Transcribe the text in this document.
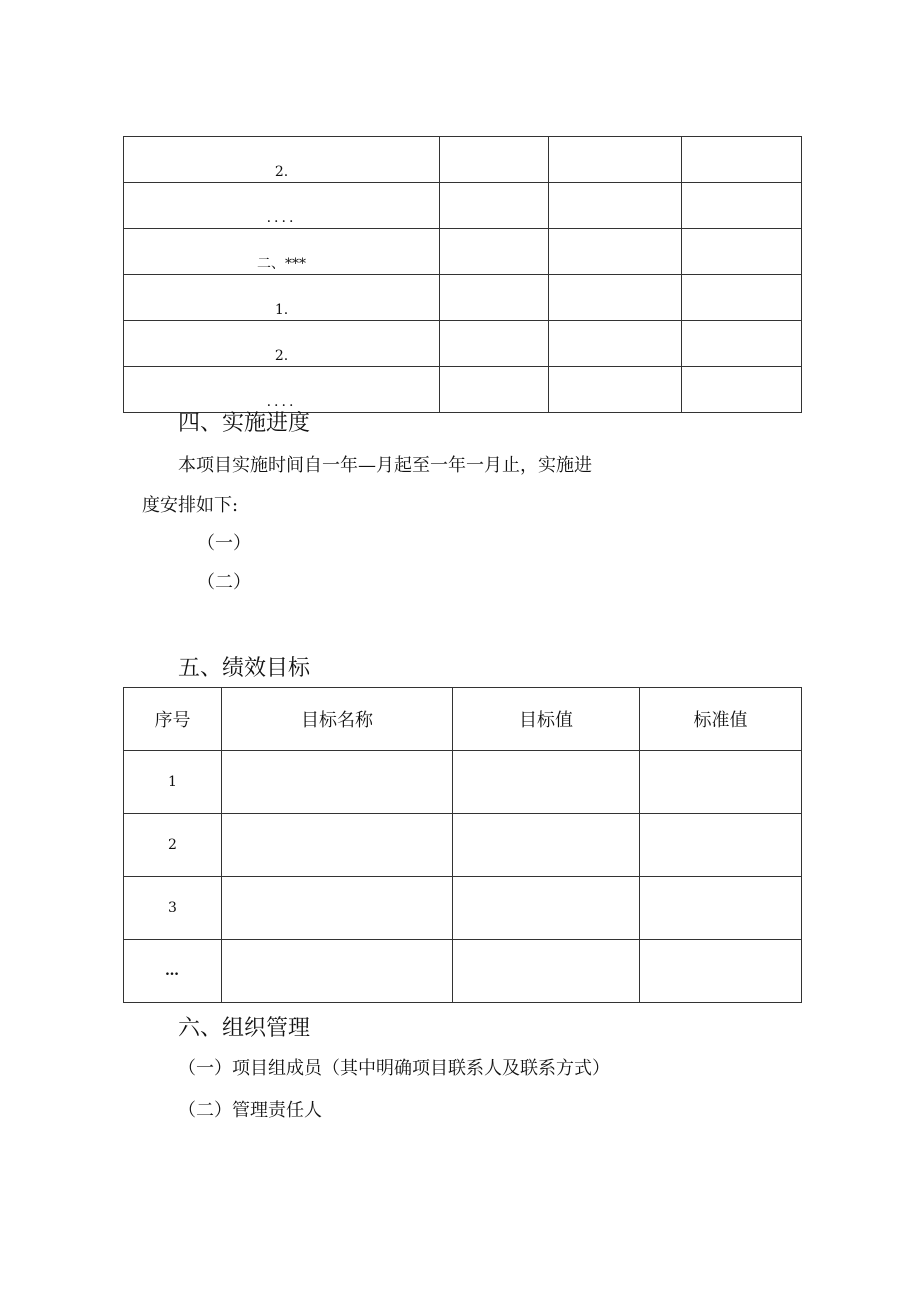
2.			
....			
二、***			
1.			
2.			
....			
四、实施进度
本项目实施时间自一年—月起至一年一月止，实施进
度安排如下:
（一）
（二）
五、绩效目标
序号	目标名称	目标值	标准值
1			
2			
3			
…			
六、组织管理
（一）项目组成员（其中明确项目联系人及联系方式）
（二）管理责任人
